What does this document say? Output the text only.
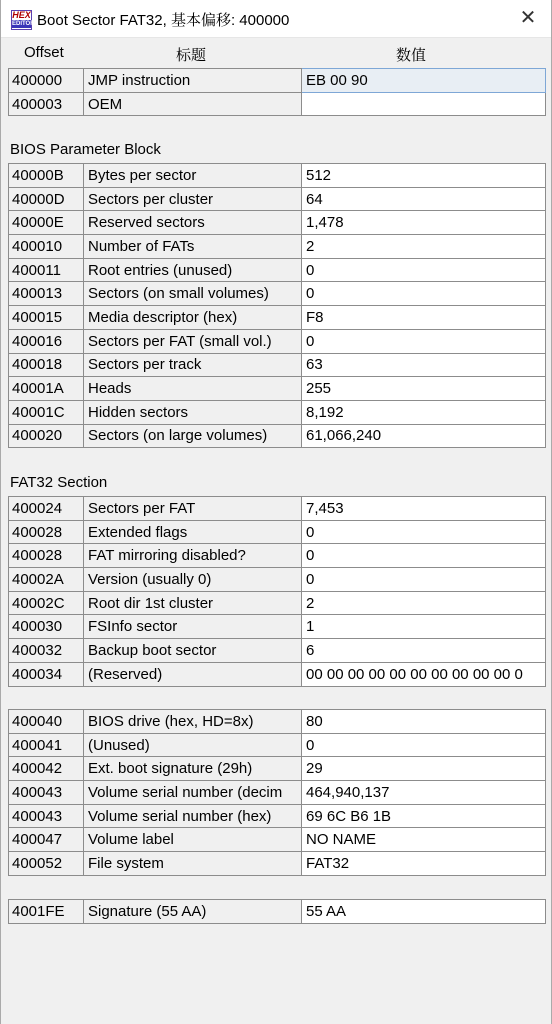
HEX
EDITOR Boot Sector FAT32, 基本偏移: 400000	✕
Offset	标题	数值
400000	JMP instruction	EB 00 90
400003	OEM	
BIOS Parameter Block
40000B	Bytes per sector	512
40000D	Sectors per cluster	64
40000E	Reserved sectors	1,478
400010	Number of FATs	2
400011	Root entries (unused)	0
400013	Sectors (on small volumes)	0
400015	Media descriptor (hex)	F8
400016	Sectors per FAT (small vol.)	0
400018	Sectors per track	63
40001A	Heads	255
40001C	Hidden sectors	8,192
400020	Sectors (on large volumes)	61,066,240
FAT32 Section
400024	Sectors per FAT	7,453
400028	Extended flags	0
400028	FAT mirroring disabled?	0
40002A	Version (usually 0)	0
40002C	Root dir 1st cluster	2
400030	FSInfo sector	1
400032	Backup boot sector	6
400034	(Reserved)	00 00 00 00 00 00 00 00 00 00 0
400040	BIOS drive (hex, HD=8x)	80
400041	(Unused)	0
400042	Ext. boot signature (29h)	29
400043	Volume serial number (decim	464,940,137
400043	Volume serial number (hex)	69 6C B6 1B
400047	Volume label	NO NAME
400052	File system	FAT32
4001FE	Signature (55 AA)	55 AA
